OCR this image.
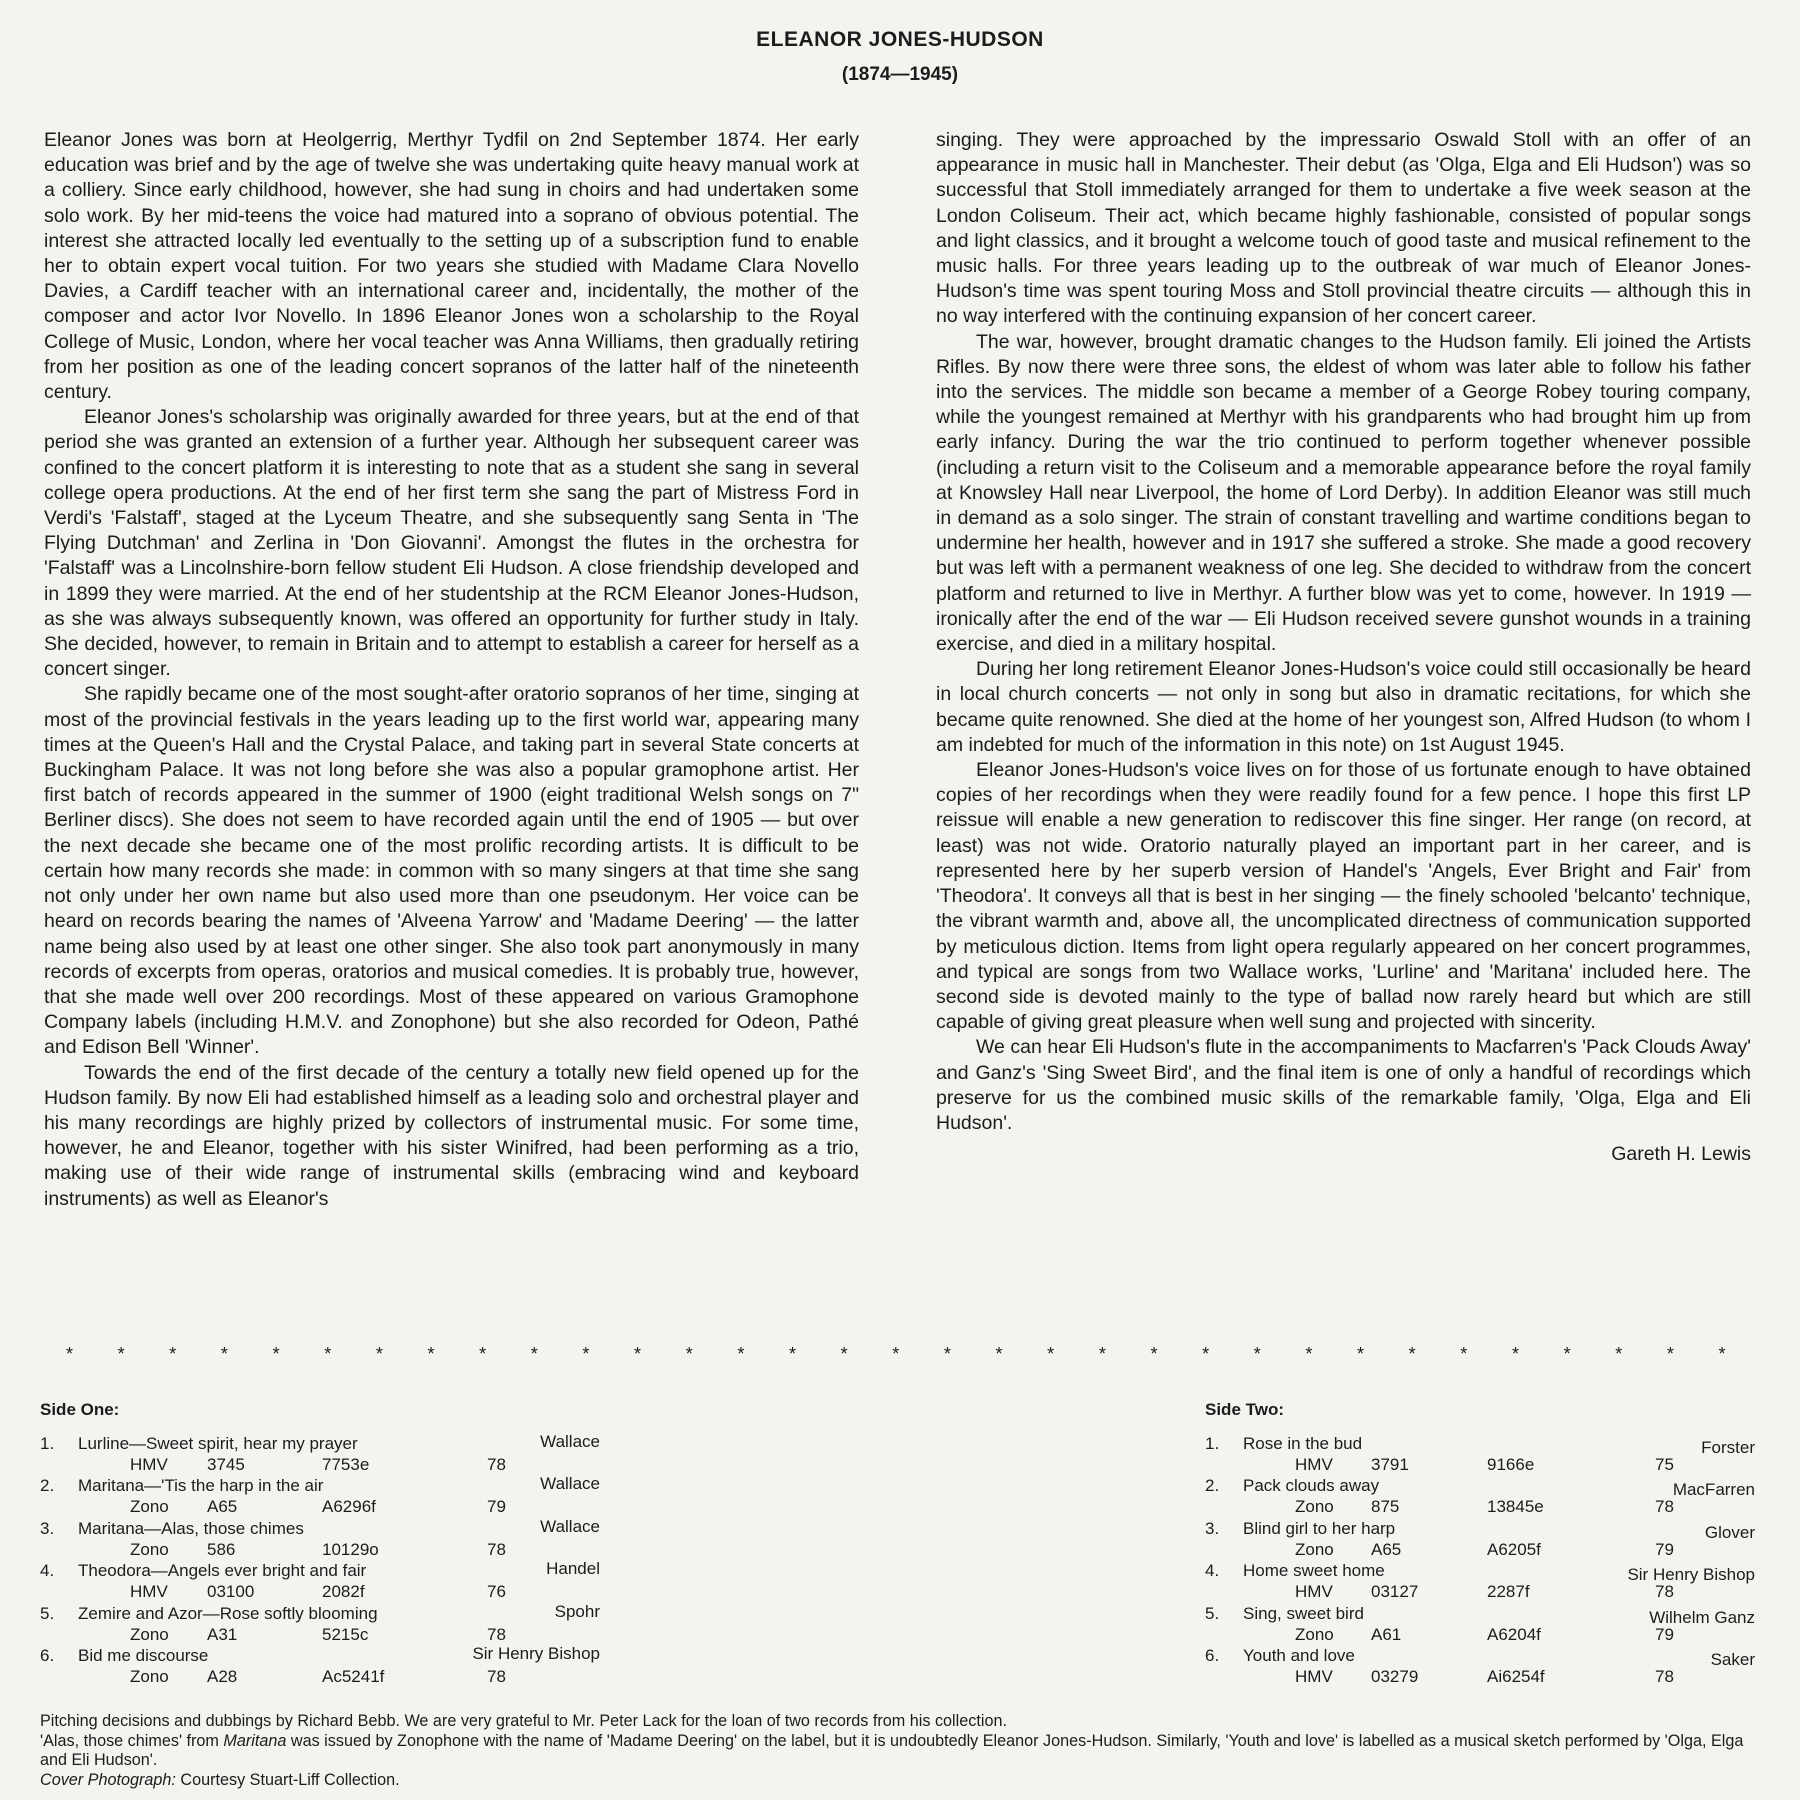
ELEANOR JONES-HUDSON
(1874—1945)

Eleanor Jones was born at Heolgerrig, Merthyr Tydfil on 2nd September 1874. Her early education was brief and by the age of twelve she was undertaking quite heavy manual work at a colliery. Since early childhood, however, she had sung in choirs and had undertaken some solo work. By her mid-teens the voice had matured into a soprano of obvious potential. The interest she attracted locally led eventually to the setting up of a subscription fund to enable her to obtain expert vocal tuition. For two years she studied with Madame Clara Novello Davies, a Cardiff teacher with an international career and, incidentally, the mother of the composer and actor Ivor Novello. In 1896 Eleanor Jones won a scholarship to the Royal College of Music, London, where her vocal teacher was Anna Williams, then gradually retiring from her position as one of the leading concert sopranos of the latter half of the nineteenth century.

Eleanor Jones's scholarship was originally awarded for three years, but at the end of that period she was granted an extension of a further year. Although her subsequent career was confined to the concert platform it is interesting to note that as a student she sang in several college opera productions. At the end of her first term she sang the part of Mistress Ford in Verdi's 'Falstaff', staged at the Lyceum Theatre, and she subsequently sang Senta in 'The Flying Dutchman' and Zerlina in 'Don Giovanni'. Amongst the flutes in the orchestra for 'Falstaff' was a Lincolnshire-born fellow student Eli Hudson. A close friendship developed and in 1899 they were married. At the end of her studentship at the RCM Eleanor Jones-Hudson, as she was always subsequently known, was offered an opportunity for further study in Italy. She decided, however, to remain in Britain and to attempt to establish a career for herself as a concert singer.

She rapidly became one of the most sought-after oratorio sopranos of her time, singing at most of the provincial festivals in the years leading up to the first world war, appearing many times at the Queen's Hall and the Crystal Palace, and taking part in several State concerts at Buckingham Palace. It was not long before she was also a popular gramophone artist. Her first batch of records appeared in the summer of 1900 (eight traditional Welsh songs on 7" Berliner discs). She does not seem to have recorded again until the end of 1905 — but over the next decade she became one of the most prolific recording artists. It is difficult to be certain how many records she made: in common with so many singers at that time she sang not only under her own name but also used more than one pseudonym. Her voice can be heard on records bearing the names of 'Alveena Yarrow' and 'Madame Deering' — the latter name being also used by at least one other singer. She also took part anonymously in many records of excerpts from operas, oratorios and musical comedies. It is probably true, however, that she made well over 200 recordings. Most of these appeared on various Gramophone Company labels (including H.M.V. and Zonophone) but she also recorded for Odeon, Pathé and Edison Bell 'Winner'.

Towards the end of the first decade of the century a totally new field opened up for the Hudson family. By now Eli had established himself as a leading solo and orchestral player and his many recordings are highly prized by collectors of instrumental music. For some time, however, he and Eleanor, together with his sister Winifred, had been performing as a trio, making use of their wide range of instrumental skills (embracing wind and keyboard instruments) as well as Eleanor's

singing. They were approached by the impressario Oswald Stoll with an offer of an appearance in music hall in Manchester. Their debut (as 'Olga, Elga and Eli Hudson') was so successful that Stoll immediately arranged for them to undertake a five week season at the London Coliseum. Their act, which became highly fashionable, consisted of popular songs and light classics, and it brought a welcome touch of good taste and musical refinement to the music halls. For three years leading up to the outbreak of war much of Eleanor Jones-Hudson's time was spent touring Moss and Stoll provincial theatre circuits — although this in no way interfered with the continuing expansion of her concert career.

The war, however, brought dramatic changes to the Hudson family. Eli joined the Artists Rifles. By now there were three sons, the eldest of whom was later able to follow his father into the services. The middle son became a member of a George Robey touring company, while the youngest remained at Merthyr with his grandparents who had brought him up from early infancy. During the war the trio continued to perform together whenever possible (including a return visit to the Coliseum and a memorable appearance before the royal family at Knowsley Hall near Liverpool, the home of Lord Derby). In addition Eleanor was still much in demand as a solo singer. The strain of constant travelling and wartime conditions began to undermine her health, however and in 1917 she suffered a stroke. She made a good recovery but was left with a permanent weakness of one leg. She decided to withdraw from the concert platform and returned to live in Merthyr. A further blow was yet to come, however. In 1919 — ironically after the end of the war — Eli Hudson received severe gunshot wounds in a training exercise, and died in a military hospital.

During her long retirement Eleanor Jones-Hudson's voice could still occasionally be heard in local church concerts — not only in song but also in dramatic recitations, for which she became quite renowned. She died at the home of her youngest son, Alfred Hudson (to whom I am indebted for much of the information in this note) on 1st August 1945.

Eleanor Jones-Hudson's voice lives on for those of us fortunate enough to have obtained copies of her recordings when they were readily found for a few pence. I hope this first LP reissue will enable a new generation to rediscover this fine singer. Her range (on record, at least) was not wide. Oratorio naturally played an important part in her career, and is represented here by her superb version of Handel's 'Angels, Ever Bright and Fair' from 'Theodora'. It conveys all that is best in her singing — the finely schooled 'belcanto' technique, the vibrant warmth and, above all, the uncomplicated directness of communication supported by meticulous diction. Items from light opera regularly appeared on her concert programmes, and typical are songs from two Wallace works, 'Lurline' and 'Maritana' included here. The second side is devoted mainly to the type of ballad now rarely heard but which are still capable of giving great pleasure when well sung and projected with sincerity.

We can hear Eli Hudson's flute in the accompaniments to Macfarren's 'Pack Clouds Away' and Ganz's 'Sing Sweet Bird', and the final item is one of only a handful of recordings which preserve for us the combined music skills of the remarkable family, 'Olga, Elga and Eli Hudson'.

Gareth H. Lewis
* * * * * * * * * * * * * * * * * * * * * * * * * * * * * * * * *
Side One:
1. Lurline—Sweet spirit, hear my prayer	Wallace
HMV 3745	7753e	78
2. Maritana—'Tis the harp in the air	Wallace
Zono A65	A6296f	79
3. Maritana—Alas, those chimes	Wallace
Zono 586	10129o	78
4. Theodora—Angels ever bright and fair	Handel
HMV 03100	2082f	76
5. Zemire and Azor—Rose softly blooming	Spohr
Zono A31	5215c	78
6. Bid me discourse	Sir Henry Bishop
Zono A28	Ac5241f	78
Side Two:
1. Rose in the bud	Forster
HMV 3791	9166e	75
2. Pack clouds away	MacFarren
Zono 875	13845e	78
3. Blind girl to her harp	Glover
Zono A65	A6205f	79
4. Home sweet home	Sir Henry Bishop
HMV 03127	2287f	78
5. Sing, sweet bird	Wilhelm Ganz
Zono A61	A6204f	79
6. Youth and love	Saker
HMV 03279	Ai6254f	78

Pitching decisions and dubbings by Richard Bebb. We are very grateful to Mr. Peter Lack for the loan of two records from his collection.

'Alas, those chimes' from Maritana was issued by Zonophone with the name of 'Madame Deering' on the label, but it is undoubtedly Eleanor Jones-Hudson. Similarly, 'Youth and love' is labelled as a musical sketch performed by 'Olga, Elga and Eli Hudson'.

Cover Photograph: Courtesy Stuart-Liff Collection.
